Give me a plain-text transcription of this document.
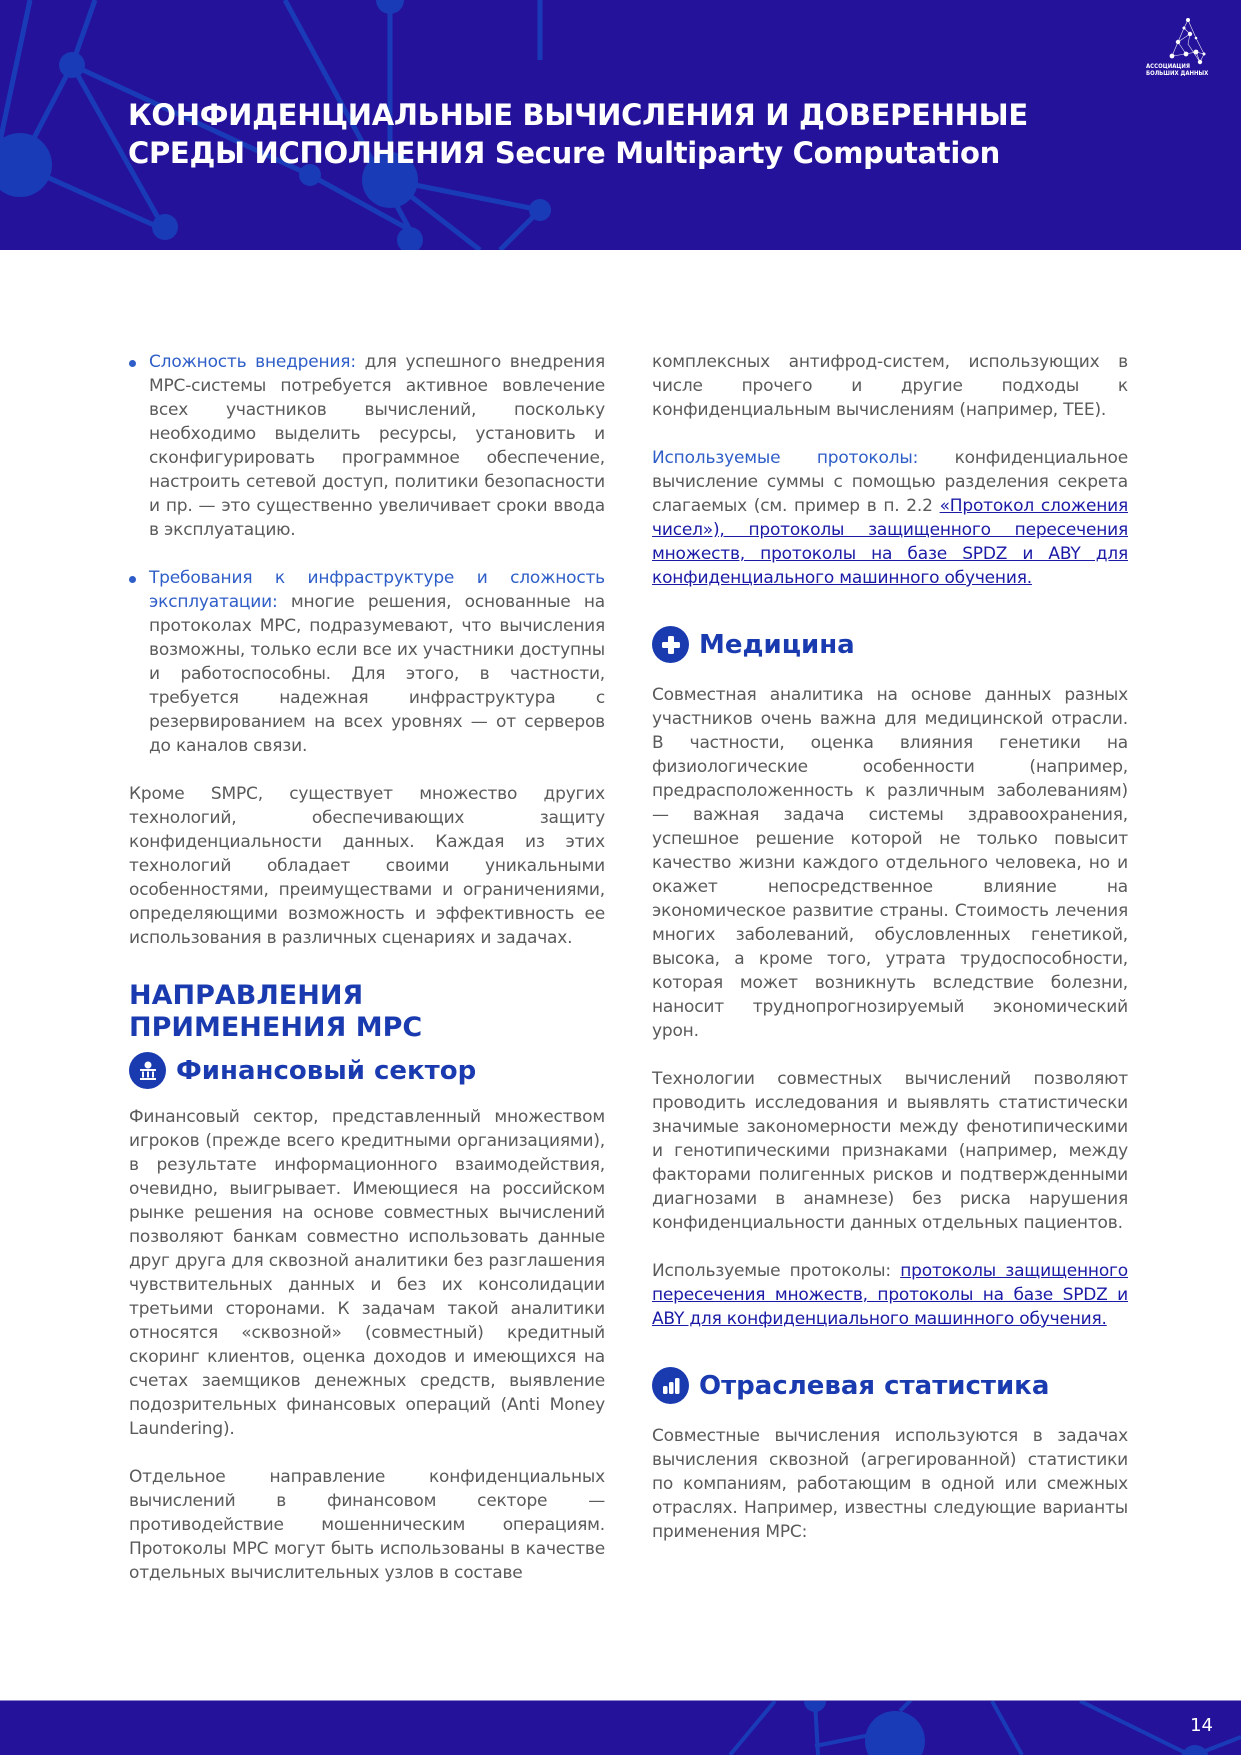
АССОЦИАЦИЯ
БОЛЬШИХ ДАННЫХ
КОНФИДЕНЦИАЛЬНЫЕ ВЫЧИСЛЕНИЯ И ДОВЕРЕННЫЕ
СРЕДЫ ИСПОЛНЕНИЯ Secure Multiparty Computation
Сложность внедрения: для успешного внедрения МРС-системы потребуется активное вовлечение всех участников вычислений, поскольку необходимо выделить ресурсы, установить и сконфигурировать программное обеспечение, настроить сетевой доступ, политики безопасности и пр. — это существенно увеличивает сроки ввода в эксплуатацию.
Требования к инфраструктуре и сложность эксплуатации: многие решения, основанные на протоколах МРС, подразумевают, что вычисления возможны, только если все их участники доступны и работоспособны. Для этого, в частности, требуется надежная инфраструктура с резервированием на всех уровнях — от серверов до каналов связи.

Кроме SMPC, существует множество других технологий, обеспечивающих защиту конфиденциальности данных. Каждая из этих технологий обладает своими уникальными особенностями, преимуществами и ограничениями, определяющими возможность и эффективность ее использования в различных сценариях и задачах.

НАПРАВЛЕНИЯ
ПРИМЕНЕНИЯ МРС
Финансовый сектор

Финансовый сектор, представленный множеством игроков (прежде всего кредитными организациями), в результате информационного взаимодействия, очевидно, выигрывает. Имеющиеся на российском рынке решения на основе совместных вычислений позволяют банкам совместно использовать данные друг друга для сквозной аналитики без разглашения чувствительных данных и без их консолидации третьими сторонами. К задачам такой аналитики относятся «сквозной» (совместный) кредитный скоринг клиентов, оценка доходов и имеющихся на счетах заемщиков денежных средств, выявление подозрительных финансовых операций (Anti Money Laundering).

Отдельное направление конфиденциальных вычислений в финансовом секторе — противодействие мошенническим операциям. Протоколы МРС могут быть использованы в качестве отдельных вычислительных узлов в составе

комплексных антифрод-систем, использующих в числе прочего и другие подходы к конфиденциальным вычислениям (например, TEE).

Используемые протоколы: конфиденциальное вычисление суммы с помощью разделения секрета слагаемых (см. пример в п. 2.2 «Протокол сложения чисел»), протоколы защищенного пересечения множеств, протоколы на базе SPDZ и ABY для конфиденциального машинного обучения.

Медицина

Совместная аналитика на основе данных разных участников очень важна для медицинской отрасли. В частности, оценка влияния генетики на физиологические особенности (например, предрасположенность к различным заболеваниям) — важная задача системы здравоохранения, успешное решение которой не только повысит качество жизни каждого отдельного человека, но и окажет непосредственное влияние на экономическое развитие страны. Стоимость лечения многих заболеваний, обусловленных генетикой, высока, а кроме того, утрата трудоспособности, которая может возникнуть вследствие болезни, наносит труднопрогнозируемый экономический урон.

Технологии совместных вычислений позволяют проводить исследования и выявлять статистически значимые закономерности между фенотипическими и генотипическими признаками (например, между факторами полигенных рисков и подтвержденными диагнозами в анамнезе) без риска нарушения конфиденциальности данных отдельных пациентов.

Используемые протоколы: протоколы защищенного пересечения множеств, протоколы на базе SPDZ и ABY для конфиденциального машинного обучения.

Отраслевая статистика

Совместные вычисления используются в задачах вычисления сквозной (агрегированной) статистики по компаниям, работающим в одной или смежных отраслях. Например, известны следующие варианты применения МРС:

14
